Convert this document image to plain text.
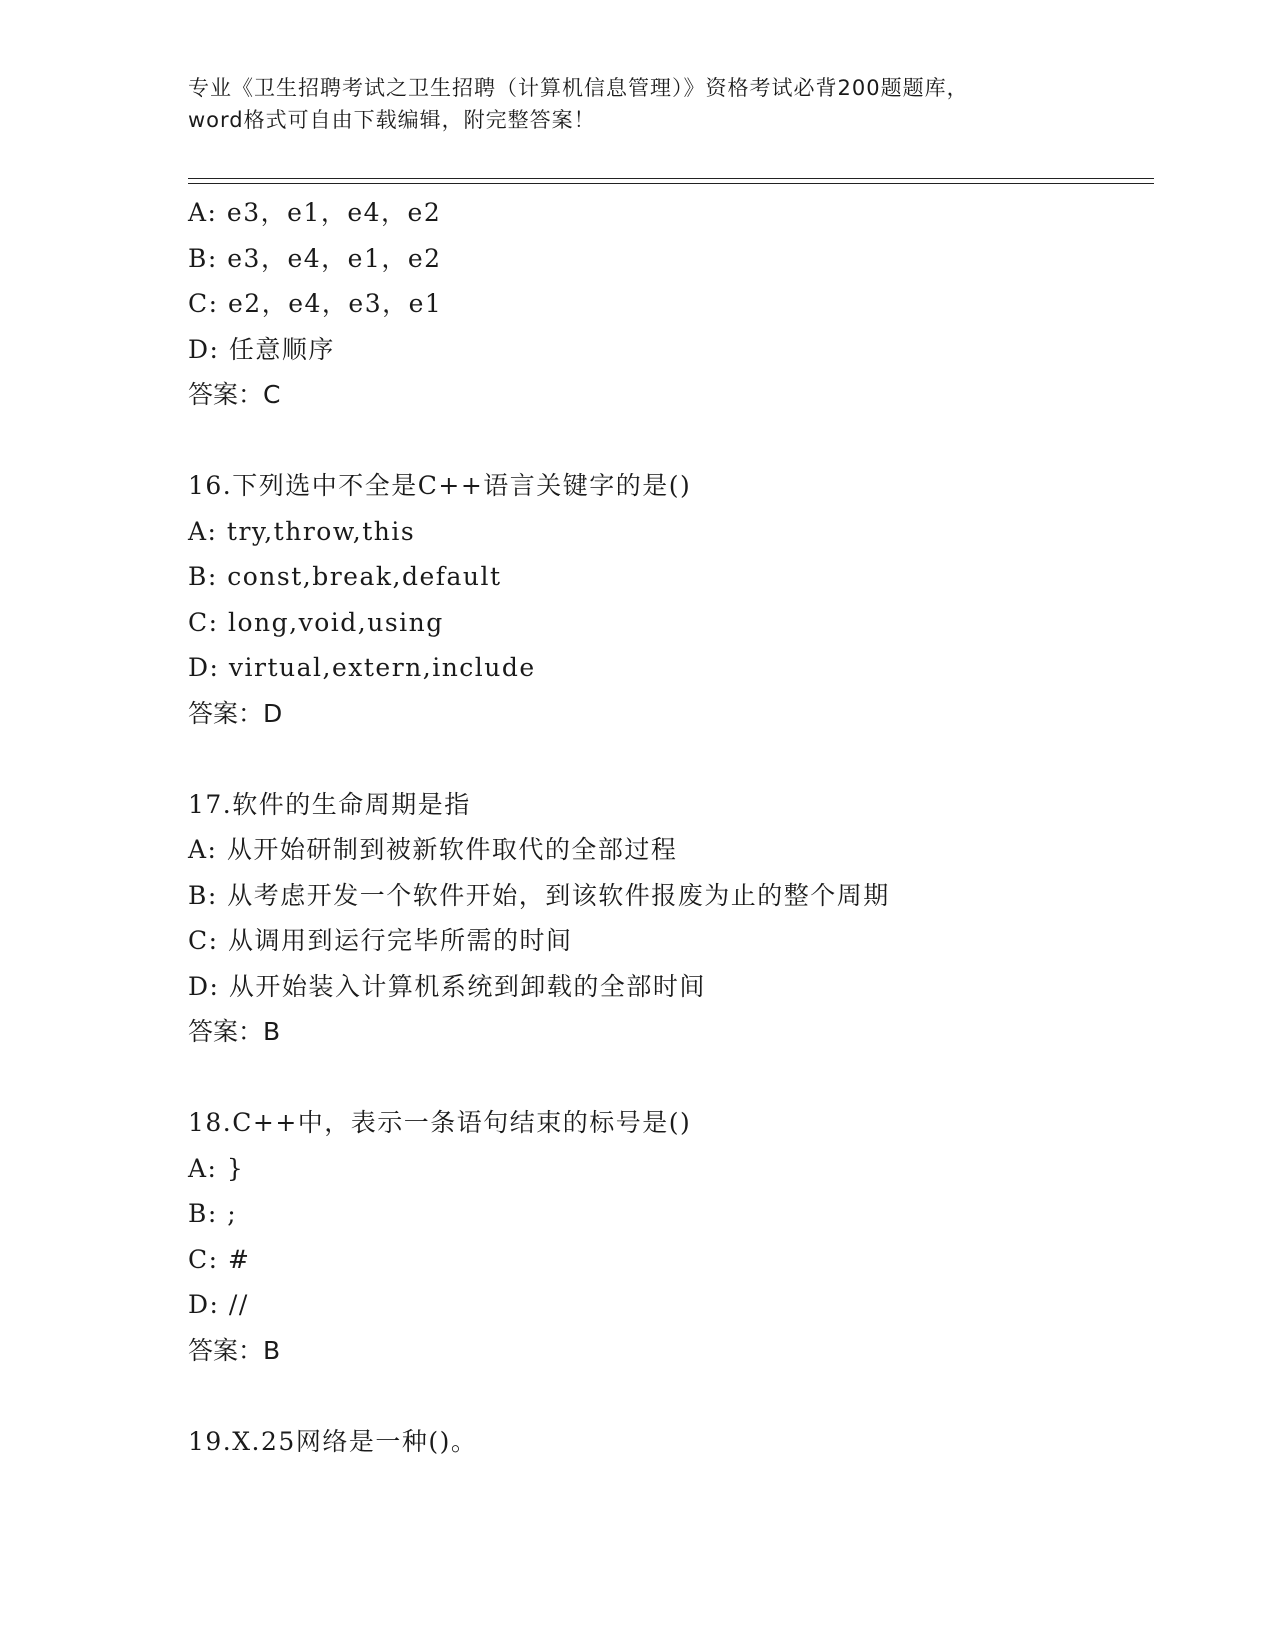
专业《卫生招聘考试之卫生招聘（计算机信息管理）》资格考试必背200题题库，
word格式可自由下载编辑，附完整答案！
A: e3，e1，e4，e2
B: e3，e4，e1，e2
C: e2，e4，e3，e1
D: 任意顺序
答案：C
16.下列选中不全是C++语言关键字的是()
A: try,throw,this
B: const,break,default
C: long,void,using
D: virtual,extern,include
答案：D
17.软件的生命周期是指
A: 从开始研制到被新软件取代的全部过程
B: 从考虑开发一个软件开始，到该软件报废为止的整个周期
C: 从调用到运行完毕所需的时间
D: 从开始装入计算机系统到卸载的全部时间
答案：B
18.C++中，表示一条语句结束的标号是()
A: }
B: ;
C: #
D: //
答案：B
19.X.25网络是一种()。
